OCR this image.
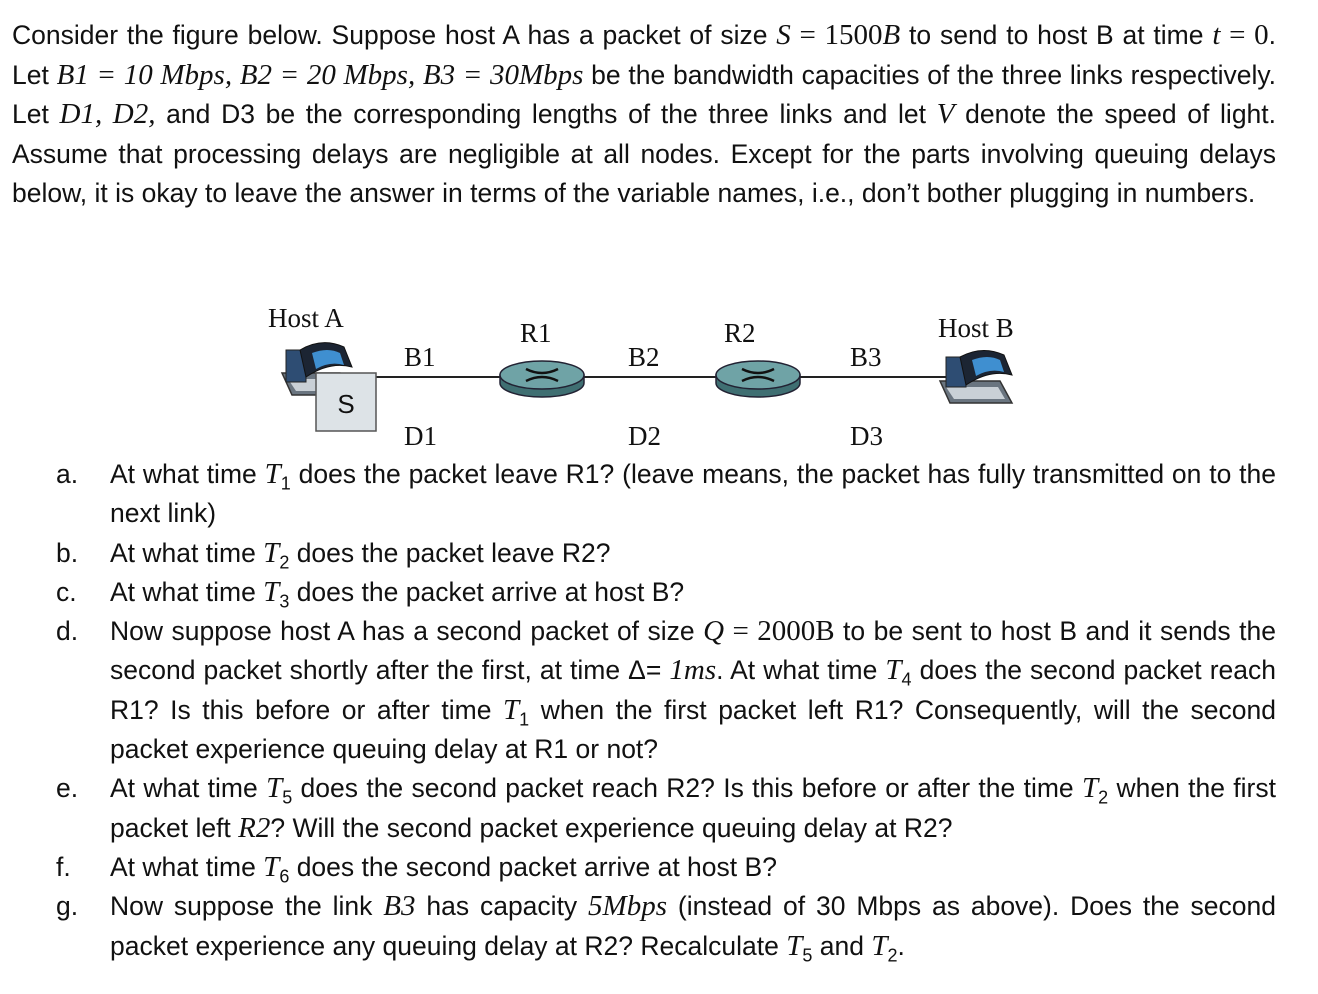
Consider the figure below. Suppose host A has a packet of size S = 1500B to send to host B at time t = 0. Let B1 = 10 Mbps, B2 = 20 Mbps, B3 = 30Mbps be the bandwidth capacities of the three links respectively. Let D1, D2, and D3 be the corresponding lengths of the three links and let V denote the speed of light. Assume that processing delays are negligible at all nodes. Except for the parts involving queuing delays below, it is okay to leave the answer in terms of the variable names, i.e., don’t bother plugging in numbers.

S
Host A	R1	R2	Host B
B1	B2	B3
D1	D2	D3
a. At what time $T_1$ does the packet leave R1? (leave means, the packet has fully transmitted on to the next link)
b. At what time $T_2$ does the packet leave R2?
c. At what time $T_3$ does the packet arrive at host B?
d. Now suppose host A has a second packet of size Q = 2000B to be sent to host B and it sends the second packet shortly after the first, at time Δ= 1ms. At what time $T_4$ does the second packet reach R1? Is this before or after time $T_1$ when the first packet left R1? Consequently, will the second packet experience queuing delay at R1 or not?
e. At what time $T_5$ does the second packet reach R2? Is this before or after the time $T_2$ when the first packet left R2? Will the second packet experience queuing delay at R2?
f. At what time $T_6$ does the second packet arrive at host B?
g. Now suppose the link B3 has capacity 5Mbps (instead of 30 Mbps as above). Does the second packet experience any queuing delay at R2? Recalculate $T_5$ and $T_2$.
